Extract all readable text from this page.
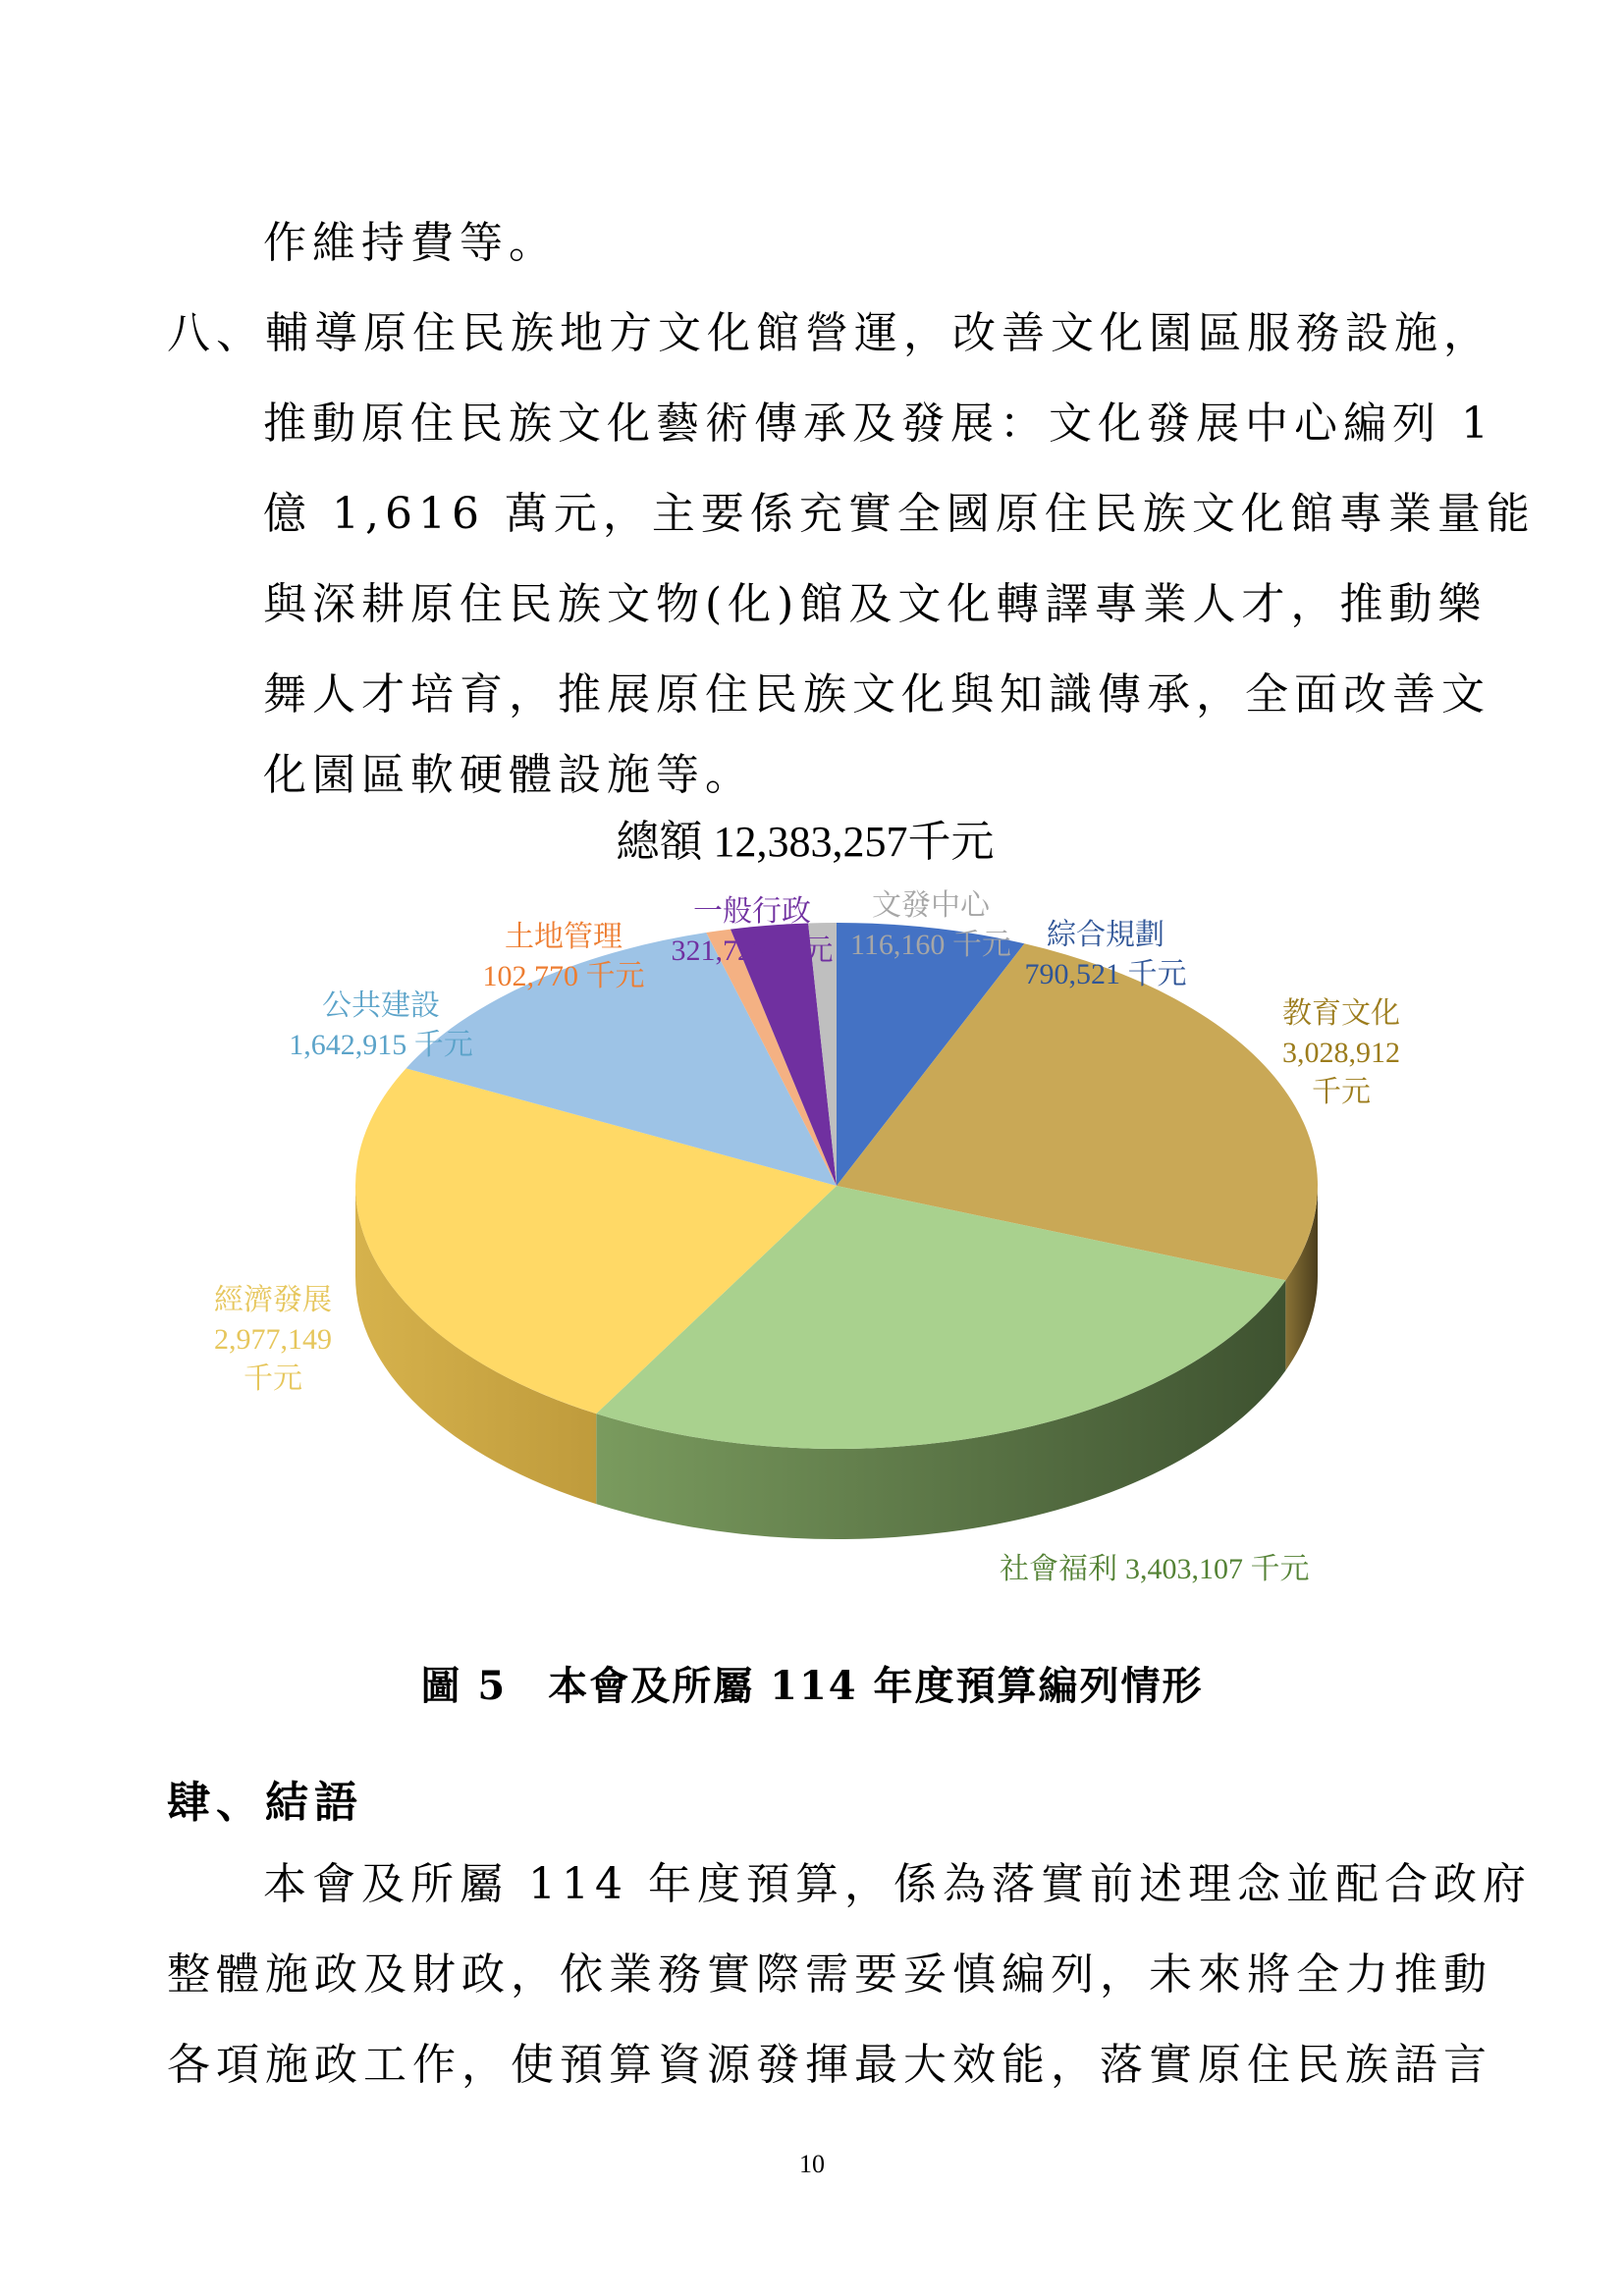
作維持費等。
八、輔導原住民族地方文化館營運，改善文化園區服務設施，
推動原住民族文化藝術傳承及發展：文化發展中心編列 1
億 1,616 萬元，主要係充實全國原住民族文化館專業量能
與深耕原住民族文物(化)館及文化轉譯專業人才，推動樂
舞人才培育，推展原住民族文化與知識傳承，全面改善文
化園區軟硬體設施等。
總額 12,383,257千元
綜合規劃
790,521 千元
教育文化
3,028,912
千元
社會福利 3,403,107 千元
經濟發展
2,977,149
千元
公共建設
1,642,915 千元
土地管理
102,770 千元
一般行政
321,723 千元
文發中心
116,160 千元
圖 5　本會及所屬 114 年度預算編列情形
肆、結語
本會及所屬 114 年度預算，係為落實前述理念並配合政府
整體施政及財政，依業務實際需要妥慎編列，未來將全力推動
各項施政工作，使預算資源發揮最大效能，落實原住民族語言
10
